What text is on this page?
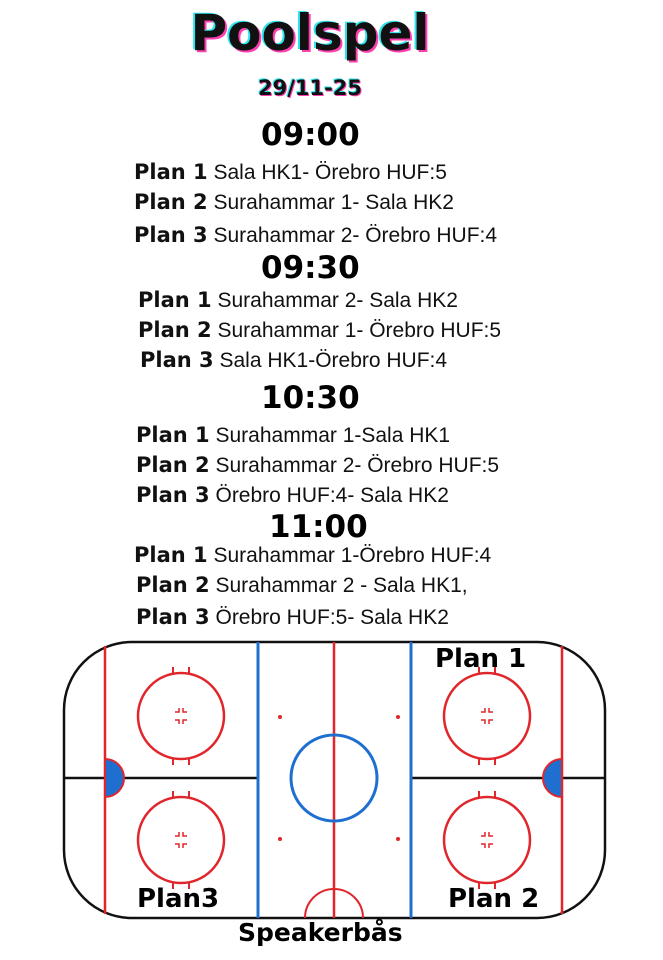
Poolspel
29/11-25
09:00
Plan 1 Sala HK1- Örebro HUF:5
Plan 2 Surahammar 1- Sala HK2
Plan 3 Surahammar 2- Örebro HUF:4
09:30
Plan 1 Surahammar 2- Sala HK2
Plan 2 Surahammar 1- Örebro HUF:5
Plan 3 Sala HK1-Örebro HUF:4
10:30
Plan 1 Surahammar 1-Sala HK1
Plan 2 Surahammar 2- Örebro HUF:5
Plan 3 Örebro HUF:4- Sala HK2
11:00
Plan 1 Surahammar 1-Örebro HUF:4
Plan 2 Surahammar 2 - Sala HK1,
Plan 3 Örebro HUF:5- Sala HK2
Plan 1
Plan3	Plan 2
Speakerbås
